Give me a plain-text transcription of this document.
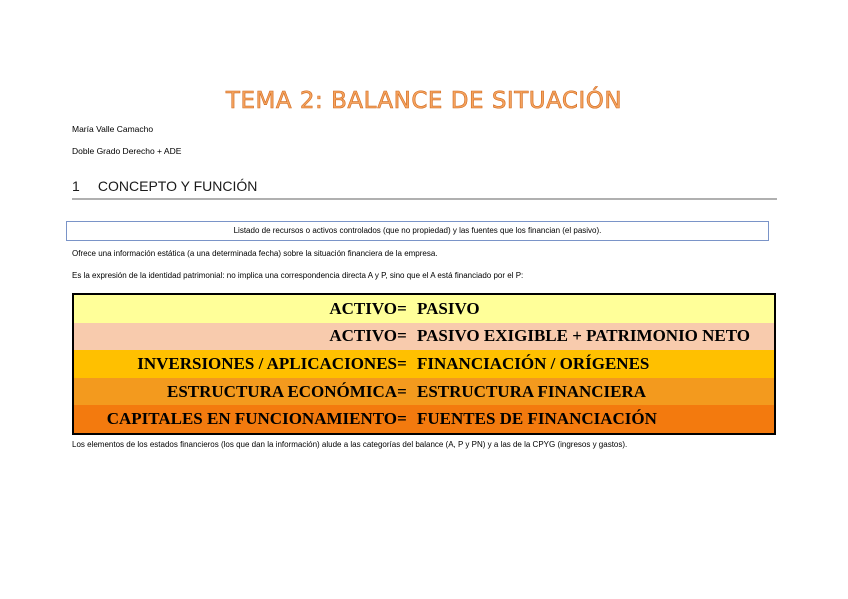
TEMA 2: BALANCE DE SITUACIÓN
María Valle Camacho
Doble Grado Derecho + ADE
1 CONCEPTO Y FUNCIÓN
Listado de recursos o activos controlados (que no propiedad) y las fuentes que los financian (el pasivo).
Ofrece una información estática (a una determinada fecha) sobre la situación financiera de la empresa.
Es la expresión de la identidad patrimonial: no implica una correspondencia directa A y P, sino que el A está financiado por el P:
ACTIVO = PASIVO
ACTIVO = PASIVO EXIGIBLE + PATRIMONIO NETO
INVERSIONES / APLICACIONES = FINANCIACIÓN / ORÍGENES
ESTRUCTURA ECONÓMICA = ESTRUCTURA FINANCIERA
CAPITALES EN FUNCIONAMIENTO = FUENTES DE FINANCIACIÓN
Los elementos de los estados financieros (los que dan la información) alude a las categorías del balance (A, P y PN) y a las de la CPYG (ingresos y gastos).
